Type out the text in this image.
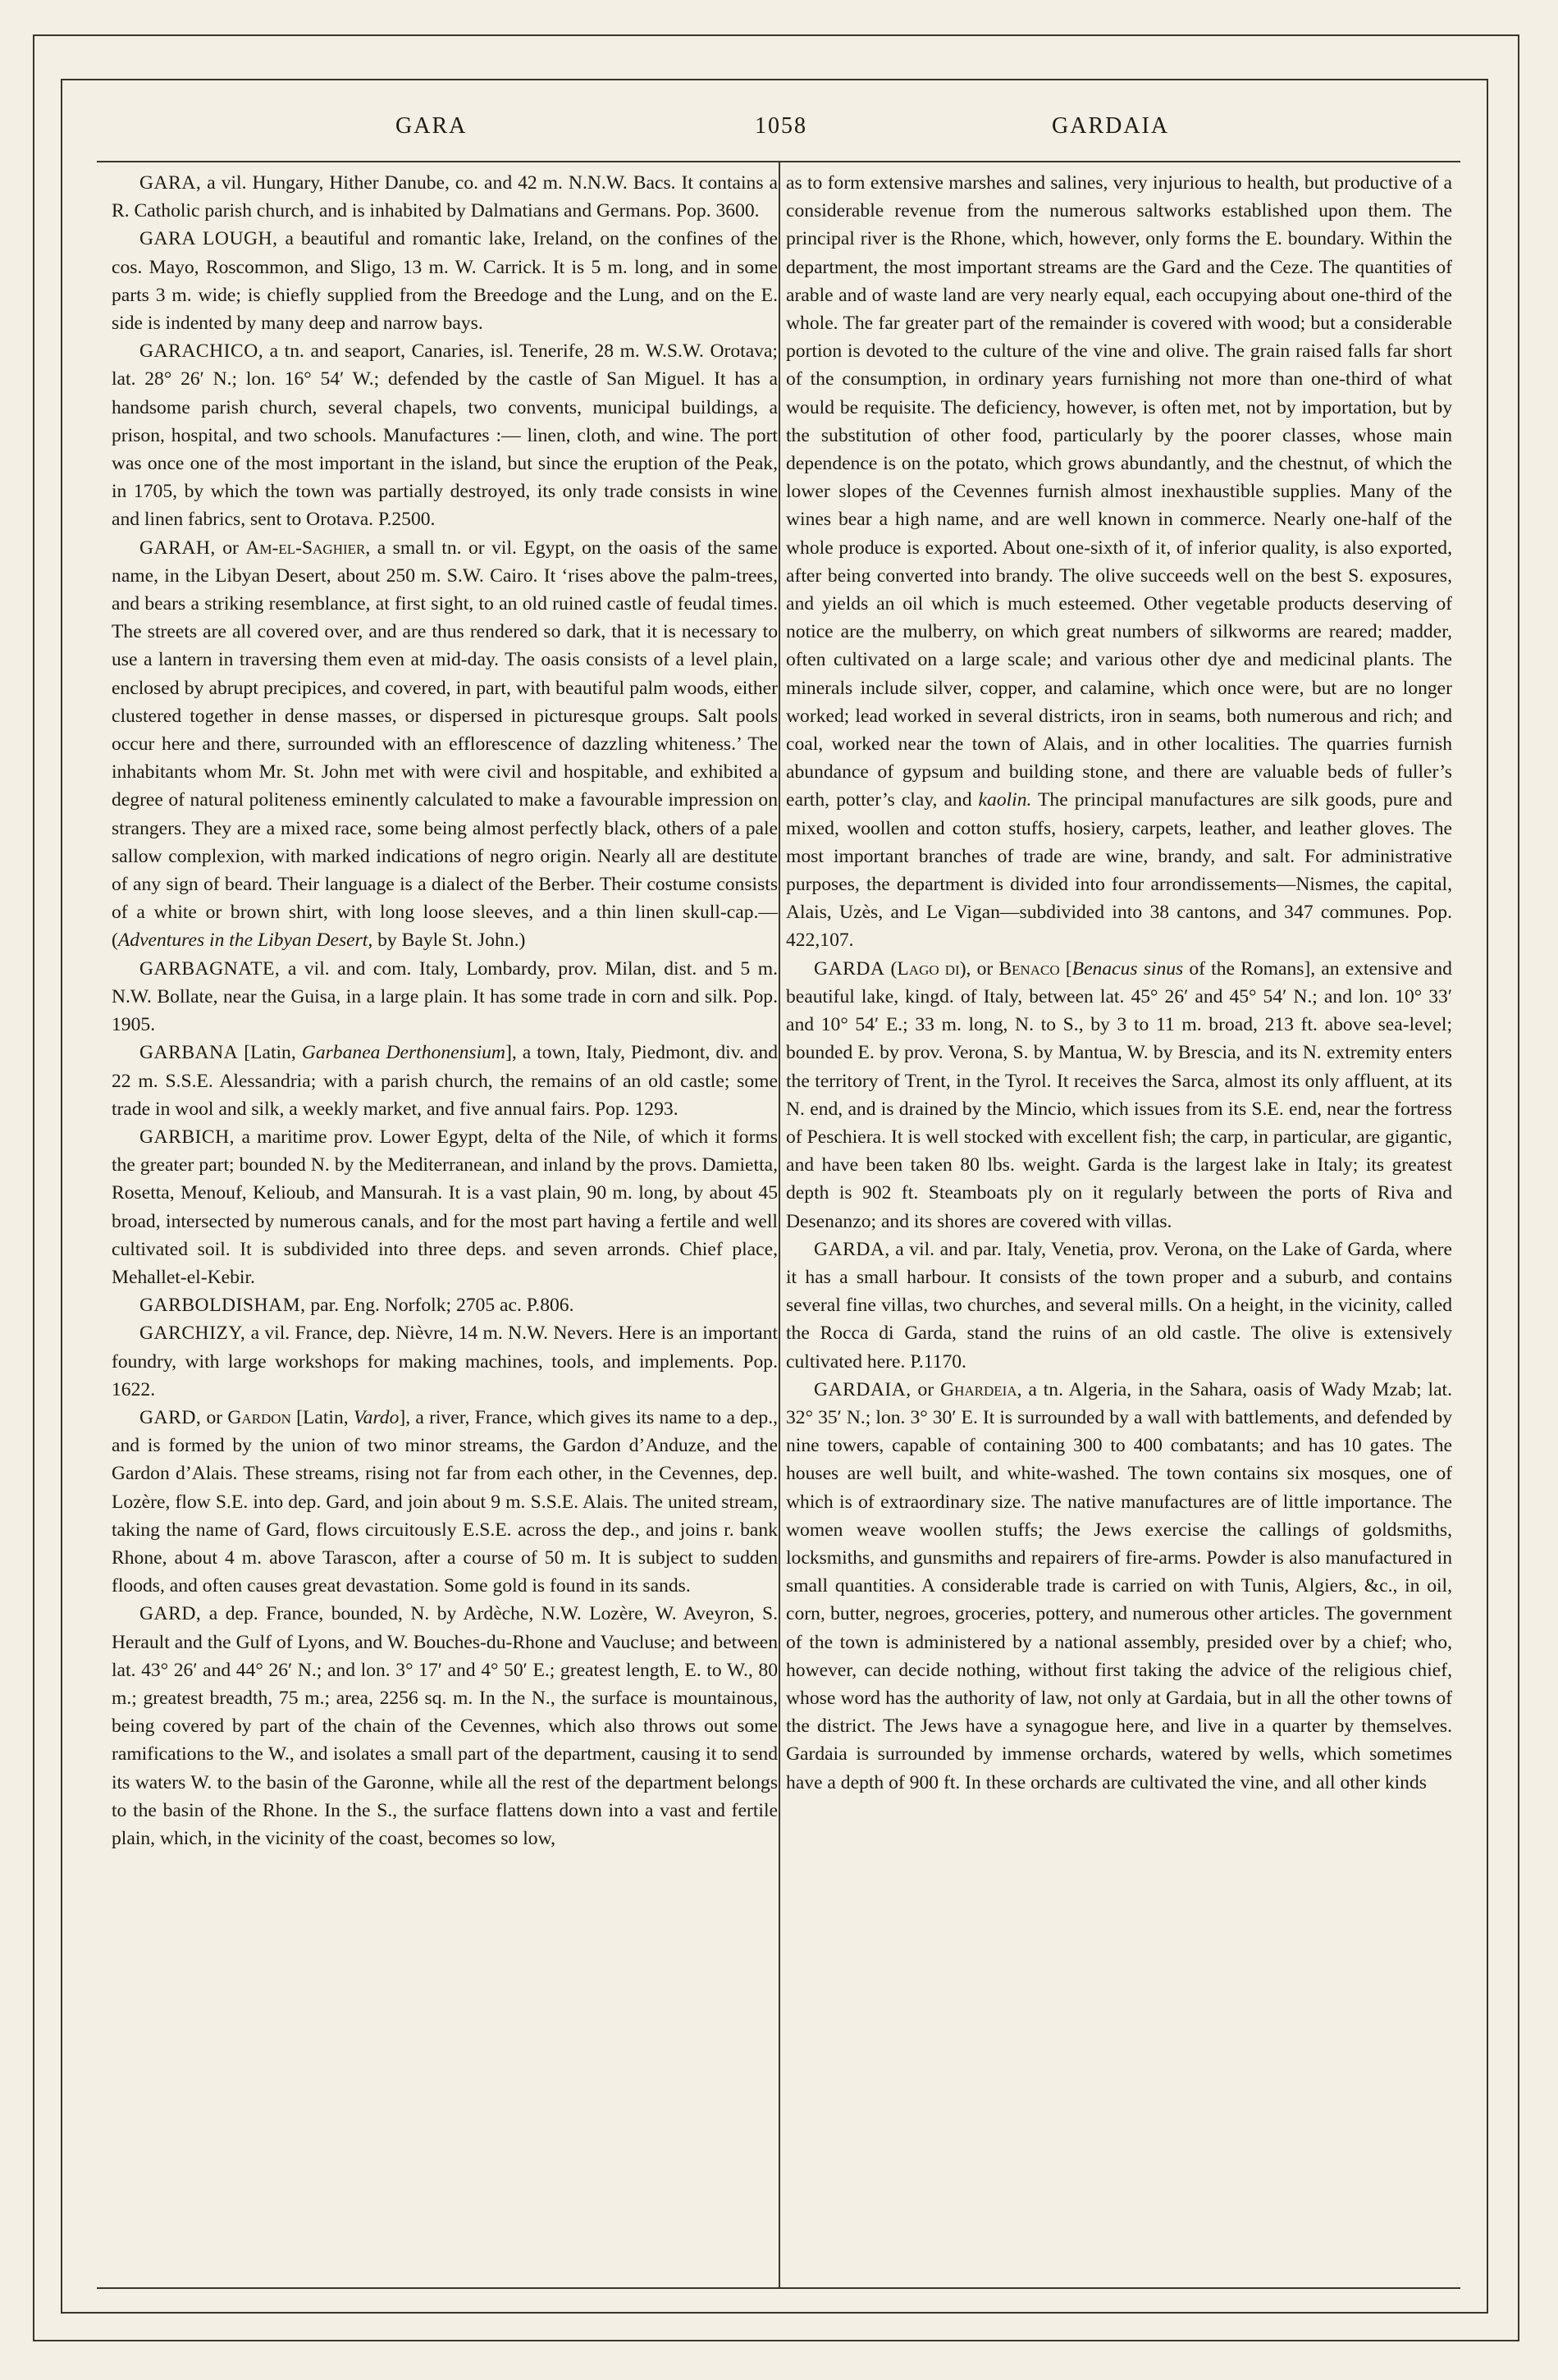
GARA	1058	GARDAIA

GARA, a vil. Hungary, Hither Danube, co. and 42 m. N.N.W. Bacs. It contains a R. Catholic parish church, and is inhabited by Dalmatians and Germans. Pop. 3600.

GARA LOUGH, a beautiful and romantic lake, Ireland, on the confines of the cos. Mayo, Roscommon, and Sligo, 13 m. W. Carrick. It is 5 m. long, and in some parts 3 m. wide; is chiefly supplied from the Breedoge and the Lung, and on the E. side is indented by many deep and narrow bays.

GARACHICO, a tn. and seaport, Canaries, isl. Tenerife, 28 m. W.S.W. Orotava; lat. 28° 26′ N.; lon. 16° 54′ W.; defended by the castle of San Miguel. It has a handsome parish church, several chapels, two convents, municipal buildings, a prison, hospital, and two schools. Manufactures :— linen, cloth, and wine. The port was once one of the most important in the island, but since the eruption of the Peak, in 1705, by which the town was partially destroyed, its only trade consists in wine and linen fabrics, sent to Orotava. P.2500.

GARAH, or Am-el-Saghier, a small tn. or vil. Egypt, on the oasis of the same name, in the Libyan Desert, about 250 m. S.W. Cairo. It ‘rises above the palm-trees, and bears a striking resemblance, at first sight, to an old ruined castle of feudal times. The streets are all covered over, and are thus rendered so dark, that it is necessary to use a lantern in traversing them even at mid-day. The oasis consists of a level plain, enclosed by abrupt precipices, and covered, in part, with beautiful palm woods, either clustered together in dense masses, or dispersed in picturesque groups. Salt pools occur here and there, surrounded with an efflorescence of dazzling whiteness.’ The inhabitants whom Mr. St. John met with were civil and hospitable, and exhibited a degree of natural politeness eminently calculated to make a favourable impression on strangers. They are a mixed race, some being almost perfectly black, others of a pale sallow complexion, with marked indications of negro origin. Nearly all are destitute of any sign of beard. Their language is a dialect of the Berber. Their costume consists of a white or brown shirt, with long loose sleeves, and a thin linen skull-cap.— (Adventures in the Libyan Desert, by Bayle St. John.)

GARBAGNATE, a vil. and com. Italy, Lombardy, prov. Milan, dist. and 5 m. N.W. Bollate, near the Guisa, in a large plain. It has some trade in corn and silk. Pop. 1905.

GARBANA [Latin, Garbanea Derthonensium], a town, Italy, Piedmont, div. and 22 m. S.S.E. Alessandria; with a parish church, the remains of an old castle; some trade in wool and silk, a weekly market, and five annual fairs. Pop. 1293.

GARBICH, a maritime prov. Lower Egypt, delta of the Nile, of which it forms the greater part; bounded N. by the Mediterranean, and inland by the provs. Damietta, Rosetta, Menouf, Kelioub, and Mansurah. It is a vast plain, 90 m. long, by about 45 broad, intersected by numerous canals, and for the most part having a fertile and well cultivated soil. It is subdivided into three deps. and seven arronds. Chief place, Mehallet-el-Kebir.

GARBOLDISHAM, par. Eng. Norfolk; 2705 ac. P.806.

GARCHIZY, a vil. France, dep. Nièvre, 14 m. N.W. Nevers. Here is an important foundry, with large workshops for making machines, tools, and implements. Pop. 1622.

GARD, or Gardon [Latin, Vardo], a river, France, which gives its name to a dep., and is formed by the union of two minor streams, the Gardon d’Anduze, and the Gardon d’Alais. These streams, rising not far from each other, in the Cevennes, dep. Lozère, flow S.E. into dep. Gard, and join about 9 m. S.S.E. Alais. The united stream, taking the name of Gard, flows circuitously E.S.E. across the dep., and joins r. bank Rhone, about 4 m. above Tarascon, after a course of 50 m. It is subject to sudden floods, and often causes great devastation. Some gold is found in its sands.

GARD, a dep. France, bounded, N. by Ardèche, N.W. Lozère, W. Aveyron, S. Herault and the Gulf of Lyons, and W. Bouches-du-Rhone and Vaucluse; and between lat. 43° 26′ and 44° 26′ N.; and lon. 3° 17′ and 4° 50′ E.; greatest length, E. to W., 80 m.; greatest breadth, 75 m.; area, 2256 sq. m. In the N., the surface is mountainous, being covered by part of the chain of the Cevennes, which also throws out some ramifications to the W., and isolates a small part of the department, causing it to send its waters W. to the basin of the Garonne, while all the rest of the department belongs to the basin of the Rhone. In the S., the surface flattens down into a vast and fertile plain, which, in the vicinity of the coast, becomes so low,

as to form extensive marshes and salines, very injurious to health, but productive of a considerable revenue from the numerous saltworks established upon them. The principal river is the Rhone, which, however, only forms the E. boundary. Within the department, the most important streams are the Gard and the Ceze. The quantities of arable and of waste land are very nearly equal, each occupying about one-third of the whole. The far greater part of the remainder is covered with wood; but a considerable portion is devoted to the culture of the vine and olive. The grain raised falls far short of the consumption, in ordinary years furnishing not more than one-third of what would be requisite. The deficiency, however, is often met, not by importation, but by the substitution of other food, particularly by the poorer classes, whose main dependence is on the potato, which grows abundantly, and the chestnut, of which the lower slopes of the Cevennes furnish almost inexhaustible supplies. Many of the wines bear a high name, and are well known in commerce. Nearly one-half of the whole produce is exported. About one-sixth of it, of inferior quality, is also exported, after being converted into brandy. The olive succeeds well on the best S. exposures, and yields an oil which is much esteemed. Other vegetable products deserving of notice are the mulberry, on which great numbers of silkworms are reared; madder, often cultivated on a large scale; and various other dye and medicinal plants. The minerals include silver, copper, and calamine, which once were, but are no longer worked; lead worked in several districts, iron in seams, both numerous and rich; and coal, worked near the town of Alais, and in other localities. The quarries furnish abundance of gypsum and building stone, and there are valuable beds of fuller’s earth, potter’s clay, and kaolin. The principal manufactures are silk goods, pure and mixed, woollen and cotton stuffs, hosiery, carpets, leather, and leather gloves. The most important branches of trade are wine, brandy, and salt. For administrative purposes, the department is divided into four arrondissements—Nismes, the capital, Alais, Uzès, and Le Vigan—subdivided into 38 cantons, and 347 communes. Pop. 422,107.

GARDA (Lago di), or Benaco [Benacus sinus of the Romans], an extensive and beautiful lake, kingd. of Italy, between lat. 45° 26′ and 45° 54′ N.; and lon. 10° 33′ and 10° 54′ E.; 33 m. long, N. to S., by 3 to 11 m. broad, 213 ft. above sea-level; bounded E. by prov. Verona, S. by Mantua, W. by Brescia, and its N. extremity enters the territory of Trent, in the Tyrol. It receives the Sarca, almost its only affluent, at its N. end, and is drained by the Mincio, which issues from its S.E. end, near the fortress of Peschiera. It is well stocked with excellent fish; the carp, in particular, are gigantic, and have been taken 80 lbs. weight. Garda is the largest lake in Italy; its greatest depth is 902 ft. Steamboats ply on it regularly between the ports of Riva and Desenanzo; and its shores are covered with villas.

GARDA, a vil. and par. Italy, Venetia, prov. Verona, on the Lake of Garda, where it has a small harbour. It consists of the town proper and a suburb, and contains several fine villas, two churches, and several mills. On a height, in the vicinity, called the Rocca di Garda, stand the ruins of an old castle. The olive is extensively cultivated here. P.1170.

GARDAIA, or Ghardeia, a tn. Algeria, in the Sahara, oasis of Wady Mzab; lat. 32° 35′ N.; lon. 3° 30′ E. It is surrounded by a wall with battlements, and defended by nine towers, capable of containing 300 to 400 combatants; and has 10 gates. The houses are well built, and white-washed. The town contains six mosques, one of which is of extraordinary size. The native manufactures are of little importance. The women weave woollen stuffs; the Jews exercise the callings of goldsmiths, locksmiths, and gunsmiths and repairers of fire-arms. Powder is also manufactured in small quantities. A considerable trade is carried on with Tunis, Algiers, &c., in oil, corn, butter, negroes, groceries, pottery, and numerous other articles. The government of the town is administered by a national assembly, presided over by a chief; who, however, can decide nothing, without first taking the advice of the religious chief, whose word has the authority of law, not only at Gardaia, but in all the other towns of the district. The Jews have a synagogue here, and live in a quarter by themselves. Gardaia is surrounded by immense orchards, watered by wells, which sometimes have a depth of 900 ft. In these orchards are cultivated the vine, and all other kinds
